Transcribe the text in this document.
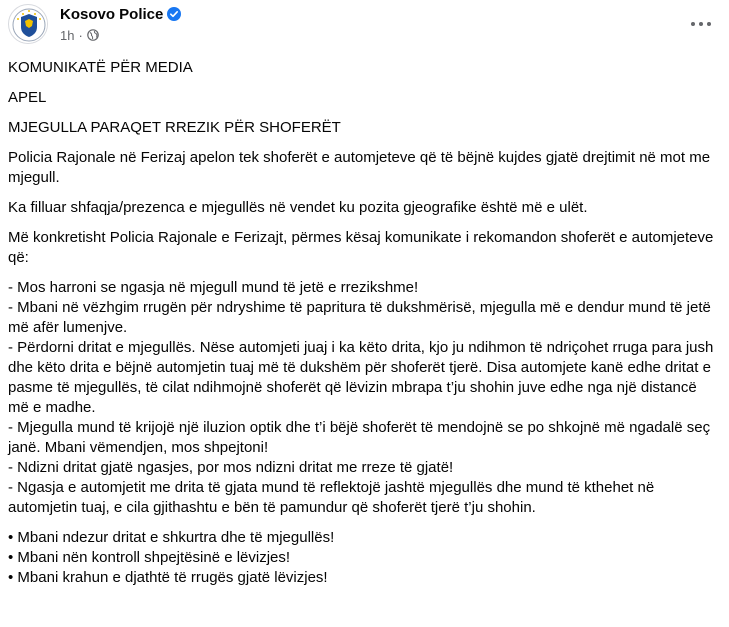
Kosovo Police
1h ·

KOMUNIKATË PËR MEDIA

APEL

MJEGULLA PARAQET RREZIK PËR SHOFERËT

Policia Rajonale në Ferizaj apelon tek shoferët e automjeteve që të bëjnë kujdes gjatë drejtimit në mot me mjegull.

Ka filluar shfaqja/prezenca e mjegullës në vendet ku pozita gjeografike është më e ulët.

Më konkretisht Policia Rajonale e Ferizajt, përmes kësaj komunikate i rekomandon shoferët e automjeteve që:

- Mos harroni se ngasja në mjegull mund të jetë e rrezikshme!
- Mbani në vëzhgim rrugën për ndryshime të papritura të dukshmërisë, mjegulla më e dendur mund të jetë më afër lumenjve.
- Përdorni dritat e mjegullës. Nëse automjeti juaj i ka këto drita, kjo ju ndihmon të ndriçohet rruga para jush dhe këto drita e bëjnë automjetin tuaj më të dukshëm për shoferët tjerë. Disa automjete kanë edhe dritat e pasme të mjegullës, të cilat ndihmojnë shoferët që lëvizin mbrapa t’ju shohin juve edhe nga një distancë më e madhe.
- Mjegulla mund të krijojë një iluzion optik dhe t’i bëjë shoferët të mendojnë se po shkojnë më ngadalë seç janë. Mbani vëmendjen, mos shpejtoni!
- Ndizni dritat gjatë ngasjes, por mos ndizni dritat me rreze të gjatë!
- Ngasja e automjetit me drita të gjata mund të reflektojë jashtë mjegullës dhe mund të kthehet në automjetin tuaj, e cila gjithashtu e bën të pamundur që shoferët tjerë t’ju shohin.

• Mbani ndezur dritat e shkurtra dhe të mjegullës!
• Mbani nën kontroll shpejtësinë e lëvizjes!
• Mbani krahun e djathtë të rrugës gjatë lëvizjes!
